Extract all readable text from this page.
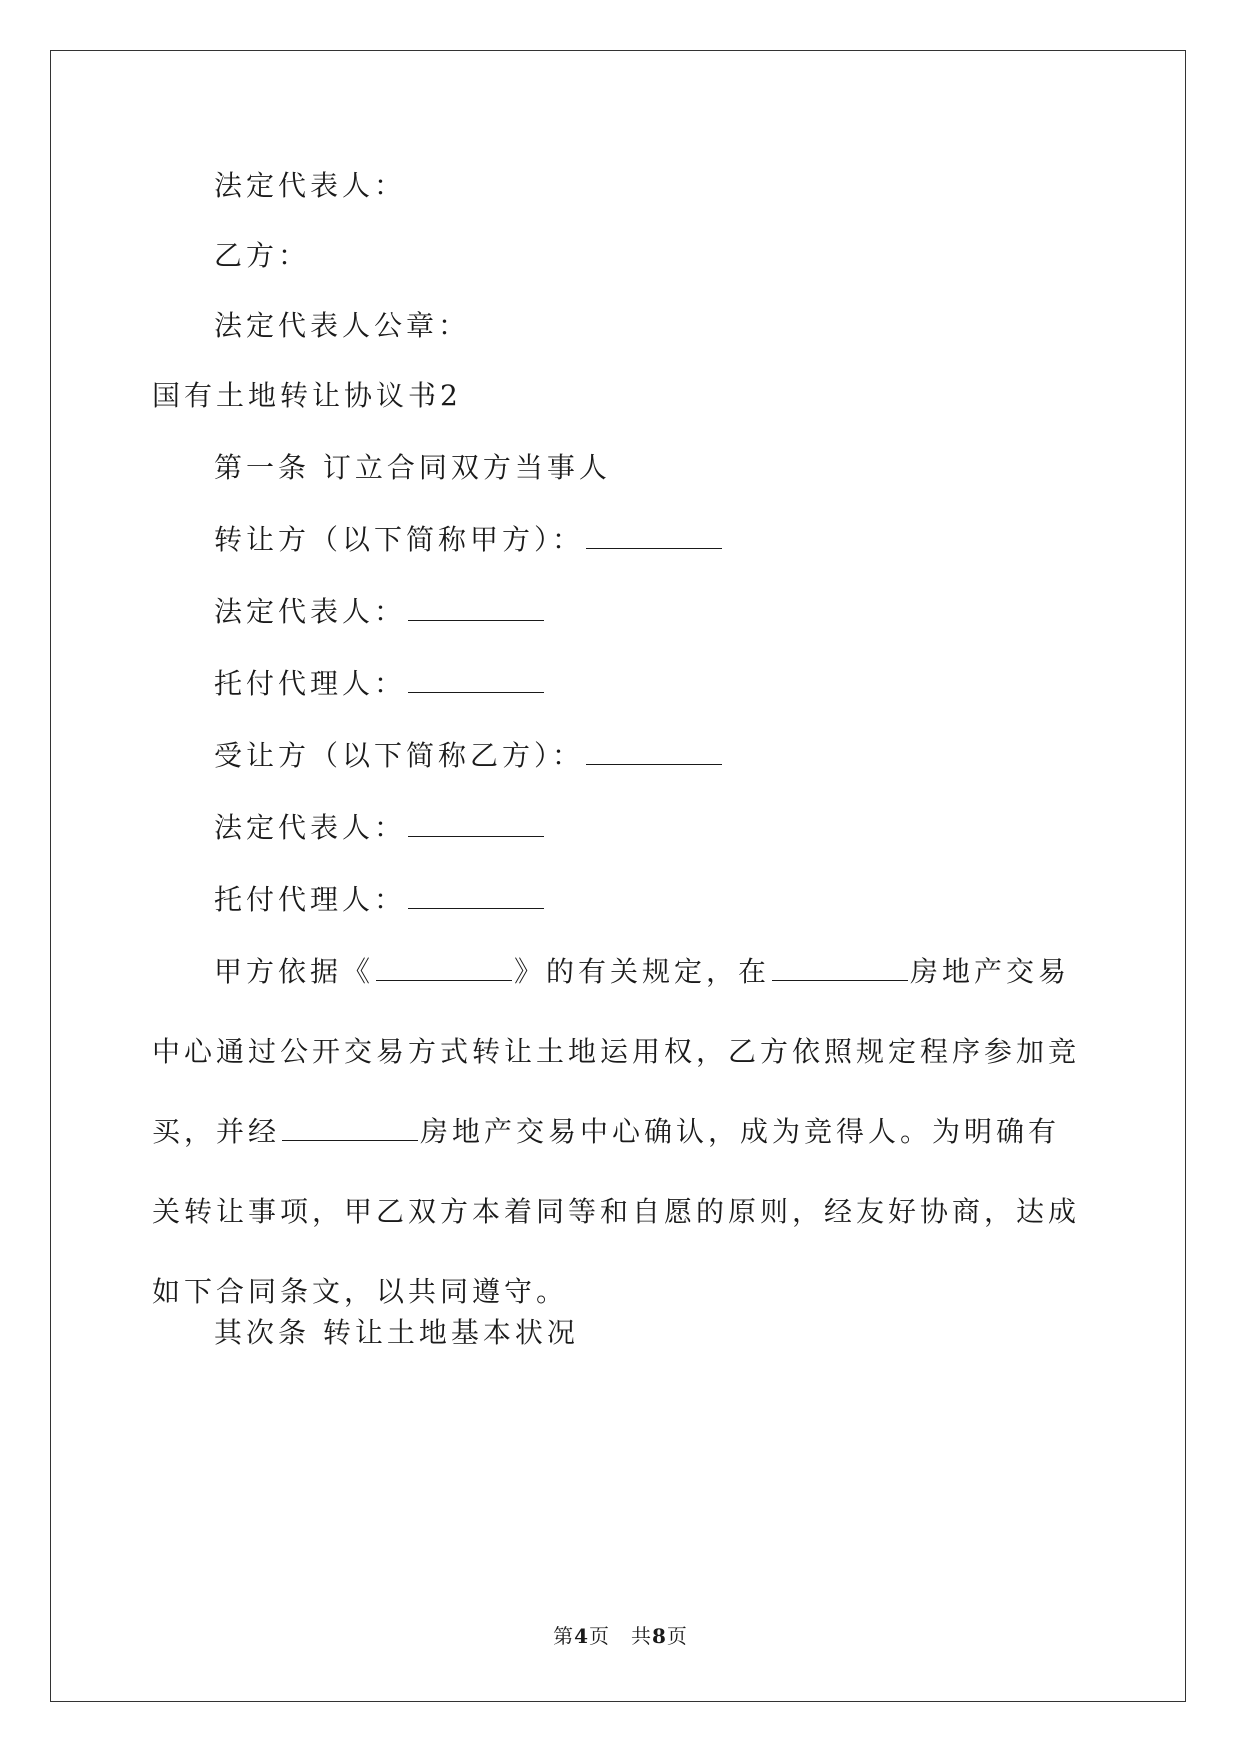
法定代表人：
乙方：
法定代表人公章：
国有土地转让协议书2
第一条 订立合同双方当事人
转让方（以下简称甲方）：
法定代表人：
托付代理人：
受让方（以下简称乙方）：
法定代表人：
托付代理人：
甲方依据《	》的有关规定，在	房地产交易中心通过公开交易方式转让土地运用权，乙方依照规定程序参加竞买，并经	房地产交易中心确认，成为竞得人。为明确有关转让事项，甲乙双方本着同等和自愿的原则，经友好协商，达成如下合同条文，以共同遵守。
其次条 转让土地基本状况
第4页　共8页
